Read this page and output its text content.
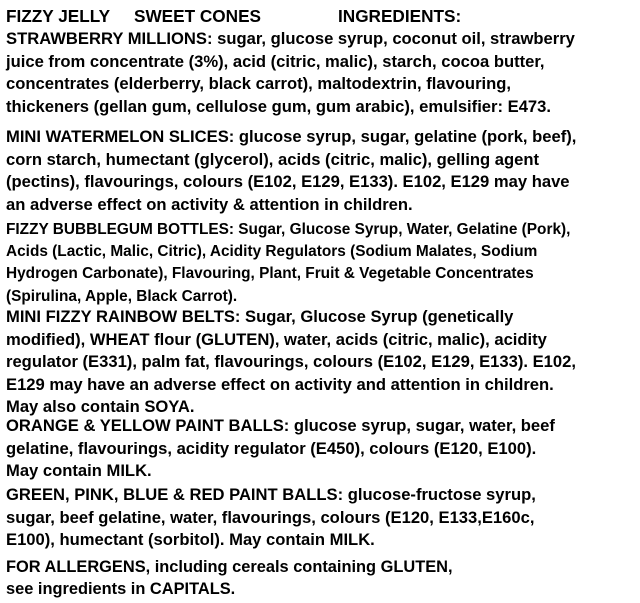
FIZZY JELLY SWEET CONES	INGREDIENTS:
STRAWBERRY MILLIONS: sugar, glucose syrup, coconut oil, strawberry
juice from concentrate (3%), acid (citric, malic), starch, cocoa butter,
concentrates (elderberry, black carrot), maltodextrin, flavouring,
thickeners (gellan gum, cellulose gum, gum arabic), emulsifier: E473.
MINI WATERMELON SLICES: glucose syrup, sugar, gelatine (pork, beef),
corn starch, humectant (glycerol), acids (citric, malic), gelling agent
(pectins), flavourings, colours (E102, E129, E133). E102, E129 may have
an adverse effect on activity & attention in children.
FIZZY BUBBLEGUM BOTTLES: Sugar, Glucose Syrup, Water, Gelatine (Pork),
Acids (Lactic, Malic, Citric), Acidity Regulators (Sodium Malates, Sodium
Hydrogen Carbonate), Flavouring, Plant, Fruit & Vegetable Concentrates
(Spirulina, Apple, Black Carrot).
MINI FIZZY RAINBOW BELTS: Sugar, Glucose Syrup (genetically
modified), WHEAT flour (GLUTEN), water, acids (citric, malic), acidity
regulator (E331), palm fat, flavourings, colours (E102, E129, E133). E102,
E129 may have an adverse effect on activity and attention in children.
May also contain SOYA.
ORANGE & YELLOW PAINT BALLS: glucose syrup, sugar, water, beef
gelatine, flavourings, acidity regulator (E450), colours (E120, E100).
May contain MILK.
GREEN, PINK, BLUE & RED PAINT BALLS: glucose-fructose syrup,
sugar, beef gelatine, water, flavourings, colours (E120, E133,E160c,
E100), humectant (sorbitol). May contain MILK.
FOR ALLERGENS, including cereals containing GLUTEN,
see ingredients in CAPITALS.
